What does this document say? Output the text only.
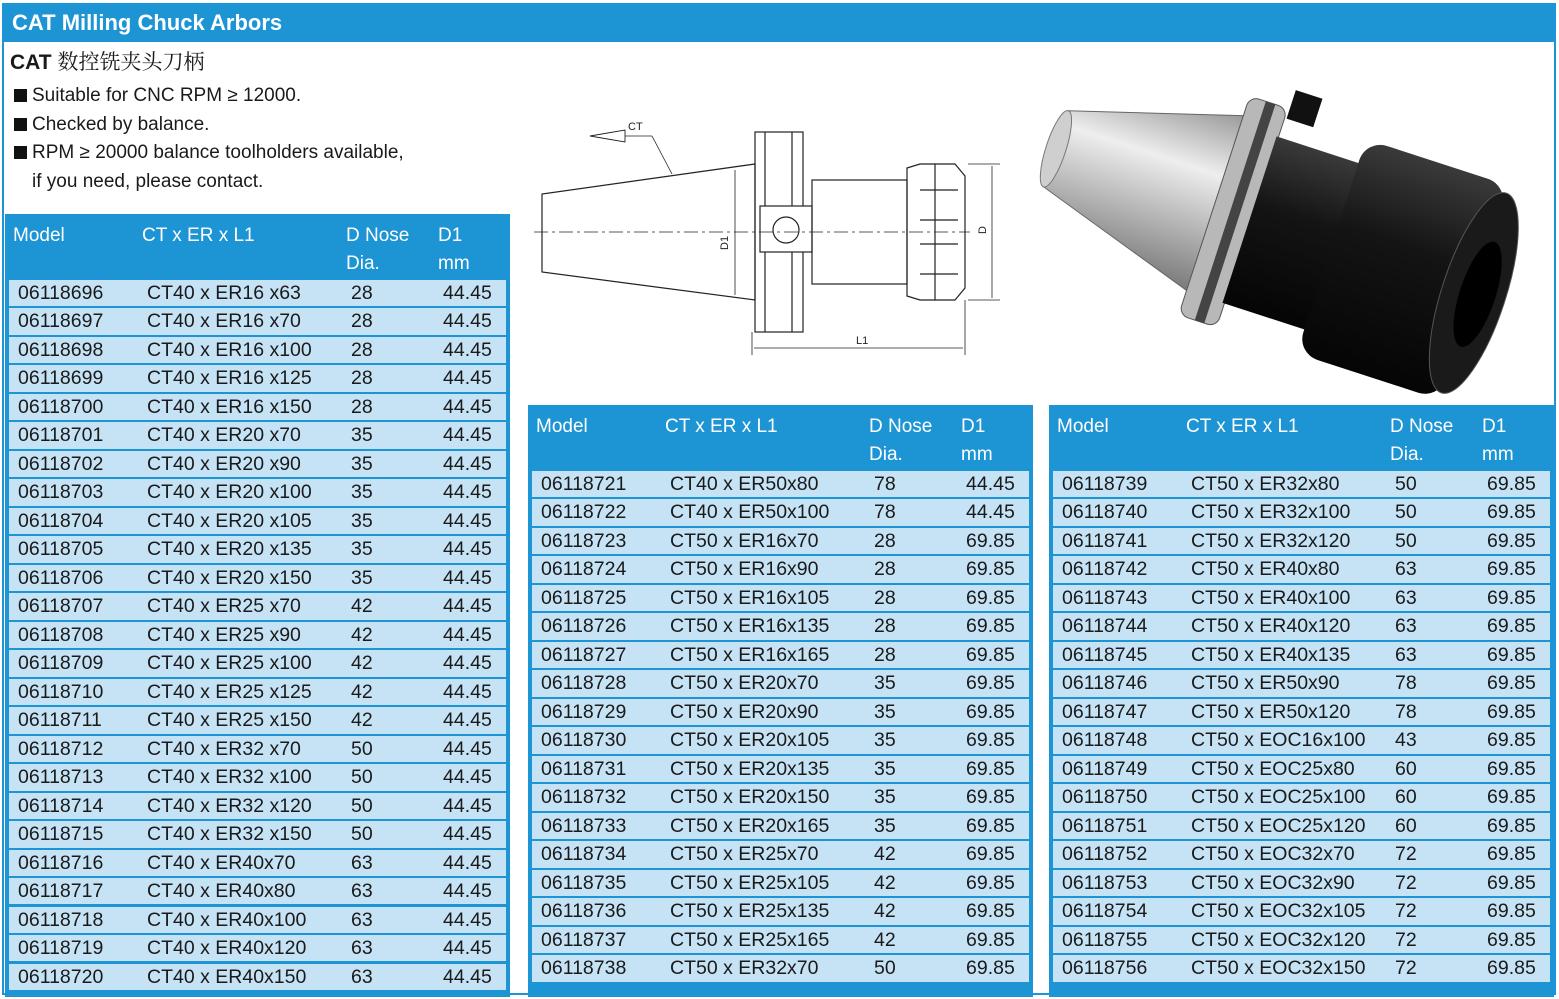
CAT Milling Chuck Arbors
CAT 数控铣夹头刀柄
Suitable for CNC RPM ≥ 12000.
Checked by balance.
RPM ≥ 20000 balance toolholders available,
if you need, please contact.
D1
D
L1
CT
Model	CT x ER x L1	D Nose
Dia.
D1
mm
06118696 CT40 x ER16 x63	28	44.45
06118697 CT40 x ER16 x70	28	44.45
06118698 CT40 x ER16 x100 28	44.45
06118699 CT40 x ER16 x125 28	44.45
06118700 CT40 x ER16 x150 28	44.45
06118701 CT40 x ER20 x70	35	44.45
06118702 CT40 x ER20 x90	35	44.45
06118703 CT40 x ER20 x100 35	44.45
06118704 CT40 x ER20 x105 35	44.45
06118705 CT40 x ER20 x135 35	44.45
06118706 CT40 x ER20 x150 35	44.45
06118707 CT40 x ER25 x70	42	44.45
06118708 CT40 x ER25 x90	42	44.45
06118709 CT40 x ER25 x100 42	44.45
06118710 CT40 x ER25 x125 42	44.45
06118711 CT40 x ER25 x150 42	44.45
06118712 CT40 x ER32 x70	50	44.45
06118713 CT40 x ER32 x100 50	44.45
06118714 CT40 x ER32 x120 50	44.45
06118715 CT40 x ER32 x150 50	44.45
06118716 CT40 x ER40x70	63	44.45
06118717 CT40 x ER40x80	63	44.45
06118718 CT40 x ER40x100 63	44.45
06118719 CT40 x ER40x120 63	44.45
06118720 CT40 x ER40x150 63	44.45
Model	CT x ER x L1	D Nose
Dia.
D1
mm
06118721 CT40 x ER50x80	78	44.45
06118722 CT40 x ER50x100 78	44.45
06118723 CT50 x ER16x70	28	69.85
06118724 CT50 x ER16x90	28	69.85
06118725 CT50 x ER16x105 28	69.85
06118726 CT50 x ER16x135 28	69.85
06118727 CT50 x ER16x165 28	69.85
06118728 CT50 x ER20x70	35	69.85
06118729 CT50 x ER20x90	35	69.85
06118730 CT50 x ER20x105 35	69.85
06118731 CT50 x ER20x135 35	69.85
06118732 CT50 x ER20x150 35	69.85
06118733 CT50 x ER20x165 35	69.85
06118734 CT50 x ER25x70	42	69.85
06118735 CT50 x ER25x105 42	69.85
06118736 CT50 x ER25x135 42	69.85
06118737 CT50 x ER25x165 42	69.85
06118738 CT50 x ER32x70	50	69.85
Model	CT x ER x L1	D Nose
Dia.
D1
mm
06118739 CT50 x ER32x80	50	69.85
06118740 CT50 x ER32x100 50	69.85
06118741 CT50 x ER32x120 50	69.85
06118742 CT50 x ER40x80	63	69.85
06118743 CT50 x ER40x100 63	69.85
06118744 CT50 x ER40x120 63	69.85
06118745 CT50 x ER40x135 63	69.85
06118746 CT50 x ER50x90	78	69.85
06118747 CT50 x ER50x120 78	69.85
06118748 CT50 x EOC16x100 43	69.85
06118749 CT50 x EOC25x80 60	69.85
06118750 CT50 x EOC25x100 60	69.85
06118751 CT50 x EOC25x120 60	69.85
06118752 CT50 x EOC32x70 72	69.85
06118753 CT50 x EOC32x90 72	69.85
06118754 CT50 x EOC32x105 72	69.85
06118755 CT50 x EOC32x120 72	69.85
06118756 CT50 x EOC32x150 72	69.85
